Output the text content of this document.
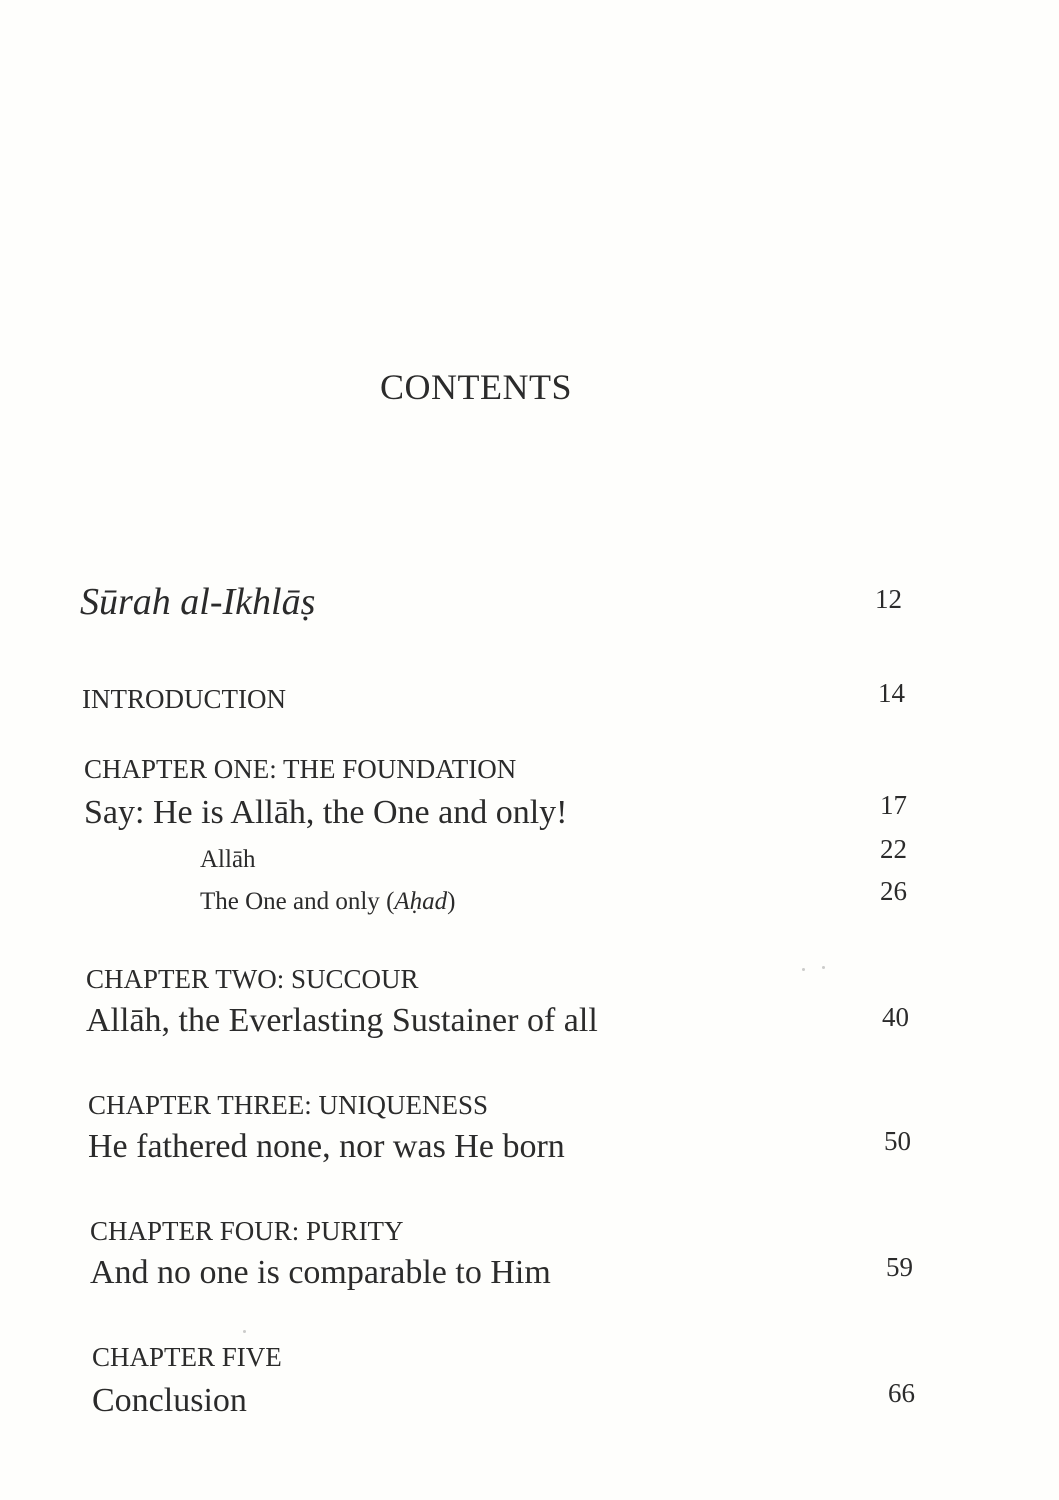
CONTENTS
Sūrah al-Ikhlāṣ	12
INTRODUCTION	14
CHAPTER ONE: THE FOUNDATION
Say: He is Allāh, the One and only!	17
Allāh	22
The One and only (Aḥad)	26
CHAPTER TWO: SUCCOUR
Allāh, the Everlasting Sustainer of all	40
CHAPTER THREE: UNIQUENESS
He fathered none, nor was He born	50
CHAPTER FOUR: PURITY
And no one is comparable to Him	59
CHAPTER FIVE
Conclusion	66
